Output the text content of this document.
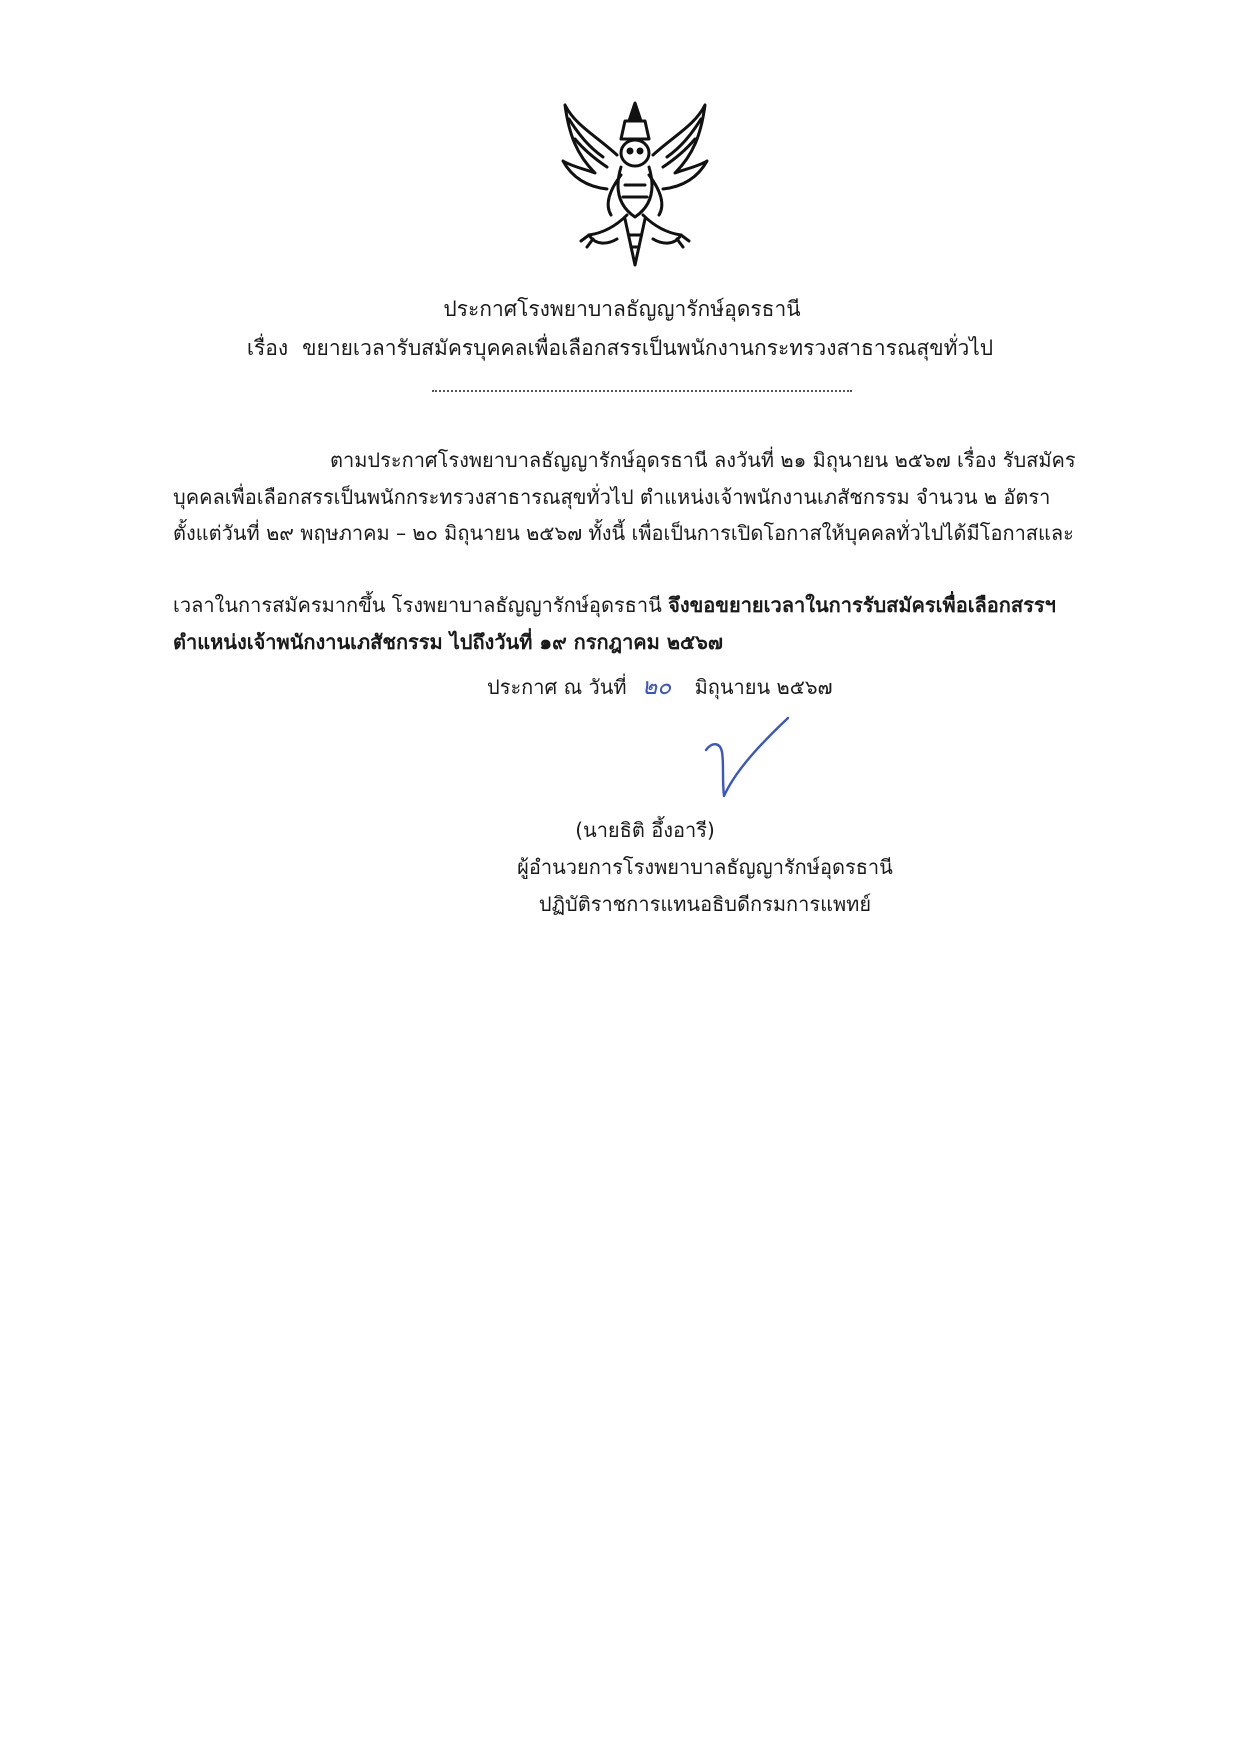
ประกาศโรงพยาบาลธัญญารักษ์อุดรธานี
เรื่อง ขยายเวลารับสมัครบุคคลเพื่อเลือกสรรเป็นพนักงานกระทรวงสาธารณสุขทั่วไป
ตามประกาศโรงพยาบาลธัญญารักษ์อุดรธานี ลงวันที่ ๒๑ มิถุนายน ๒๕๖๗ เรื่อง รับสมัคร
บุคคลเพื่อเลือกสรรเป็นพนักกระทรวงสาธารณสุขทั่วไป ตำแหน่งเจ้าพนักงานเภสัชกรรม จำนวน ๒ อัตรา
ตั้งแต่วันที่ ๒๙ พฤษภาคม – ๒๐ มิถุนายน ๒๕๖๗ ทั้งนี้ เพื่อเป็นการเปิดโอกาสให้บุคคลทั่วไปได้มีโอกาสและ
เวลาในการสมัครมากขึ้น โรงพยาบาลธัญญารักษ์อุดรธานี จึงขอขยายเวลาในการรับสมัครเพื่อเลือกสรรฯ
ตำแหน่งเจ้าพนักงานเภสัชกรรม ไปถึงวันที่ ๑๙ กรกฎาคม ๒๕๖๗
ประกาศ ณ วันที่ ๒๐ มิถุนายน ๒๕๖๗
(นายธิติ อึ้งอารี)
ผู้อำนวยการโรงพยาบาลธัญญารักษ์อุดรธานี
ปฏิบัติราชการแทนอธิบดีกรมการแพทย์
